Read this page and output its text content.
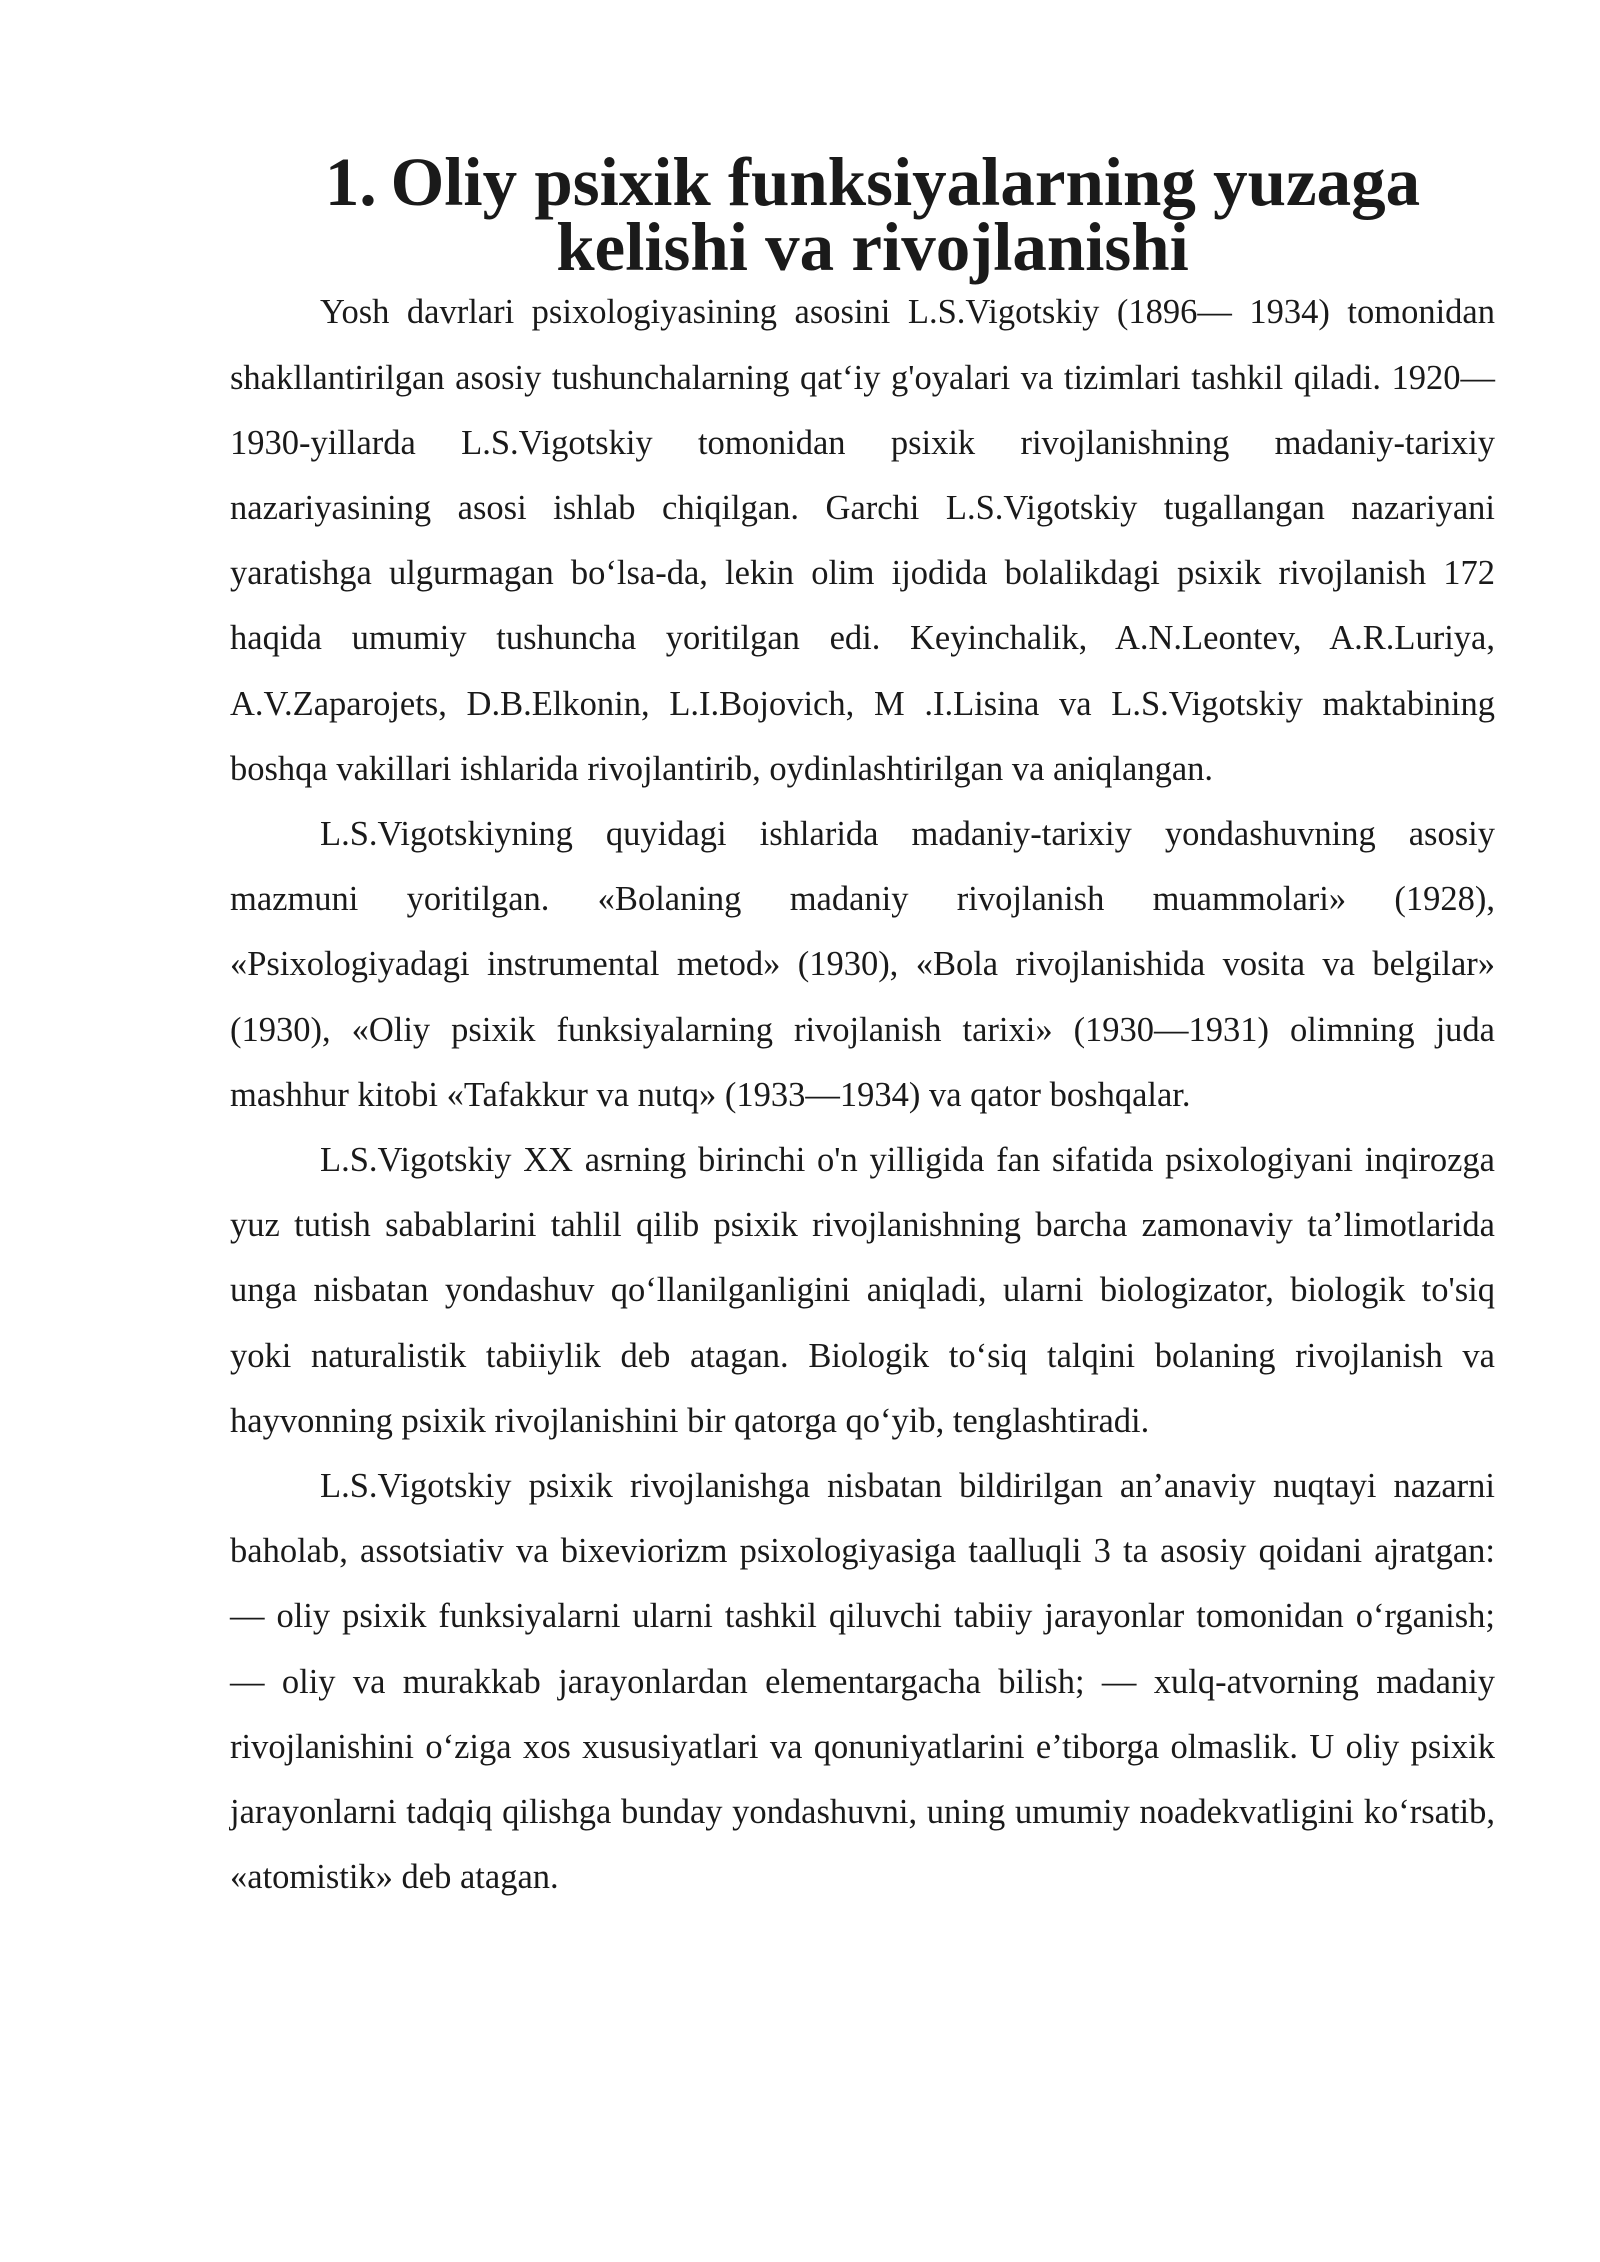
1. Oliy psixik funksiyalarning yuzaga kelishi va rivojlanishi

Yosh davrlari psixologiyasining asosini L.S.Vigotskiy (1896— 1934) tomonidan shakllantirilgan asosiy tushunchalarning qat‘iy g'oyalari va tizimlari tashkil qiladi. 1920—1930-yillarda L.S.Vigotskiy tomonidan psixik rivojlanishning madaniy-tarixiy nazariyasining asosi ishlab chiqilgan. Garchi L.S.Vigotskiy tugallangan nazariyani yaratishga ulgurmagan bo‘lsa-da, lekin olim ijodida bolalikdagi psixik rivojlanish 172 haqida umumiy tushuncha yoritilgan edi. Keyinchalik, A.N.Leontev, A.R.Luriya, A.V.Zaparojets, D.B.Elkonin, L.I.Bojovich, M .I.Lisina va L.S.Vigotskiy maktabining boshqa vakillari ishlarida rivojlantirib, oydinlashtirilgan va aniqlangan.

L.S.Vigotskiyning quyidagi ishlarida madaniy-tarixiy yondashuvning asosiy mazmuni yoritilgan. «Bolaning madaniy rivojlanish muammolari» (1928), «Psixologiyadagi instrumental metod» (1930), «Bola rivojlanishida vosita va belgilar» (1930), «Oliy psixik funksiyalarning rivojlanish tarixi» (1930—1931) olimning juda mashhur kitobi «Tafakkur va nutq» (1933—1934) va qator boshqalar.

L.S.Vigotskiy XX asrning birinchi o'n yilligida fan sifatida psixologiyani inqirozga yuz tutish sabablarini tahlil qilib psixik rivojlanishning barcha zamonaviy ta’limotlarida unga nisbatan yondashuv qo‘llanilganligini aniqladi, ularni biologizator, biologik to'siq yoki naturalistik tabiiylik deb atagan. Biologik to‘siq talqini bolaning rivojlanish va hayvonning psixik rivojlanishini bir qatorga qo‘yib, tenglashtiradi.

L.S.Vigotskiy psixik rivojlanishga nisbatan bildirilgan an’anaviy nuqtayi nazarni baholab, assotsiativ va bixeviorizm psixologiyasiga taalluqli 3 ta asosiy qoidani ajratgan: — oliy psixik funksiyalarni ularni tashkil qiluvchi tabiiy jarayonlar tomonidan o‘rganish; — oliy va murakkab jarayonlardan elementargacha bilish; — xulq-atvorning madaniy rivojlanishini o‘ziga xos xususiyatlari va qonuniyatlarini e’tiborga olmaslik. U oliy psixik jarayonlarni tadqiq qilishga bunday yondashuvni, uning umumiy noadekvatligini ko‘rsatib, «atomistik» deb atagan.
